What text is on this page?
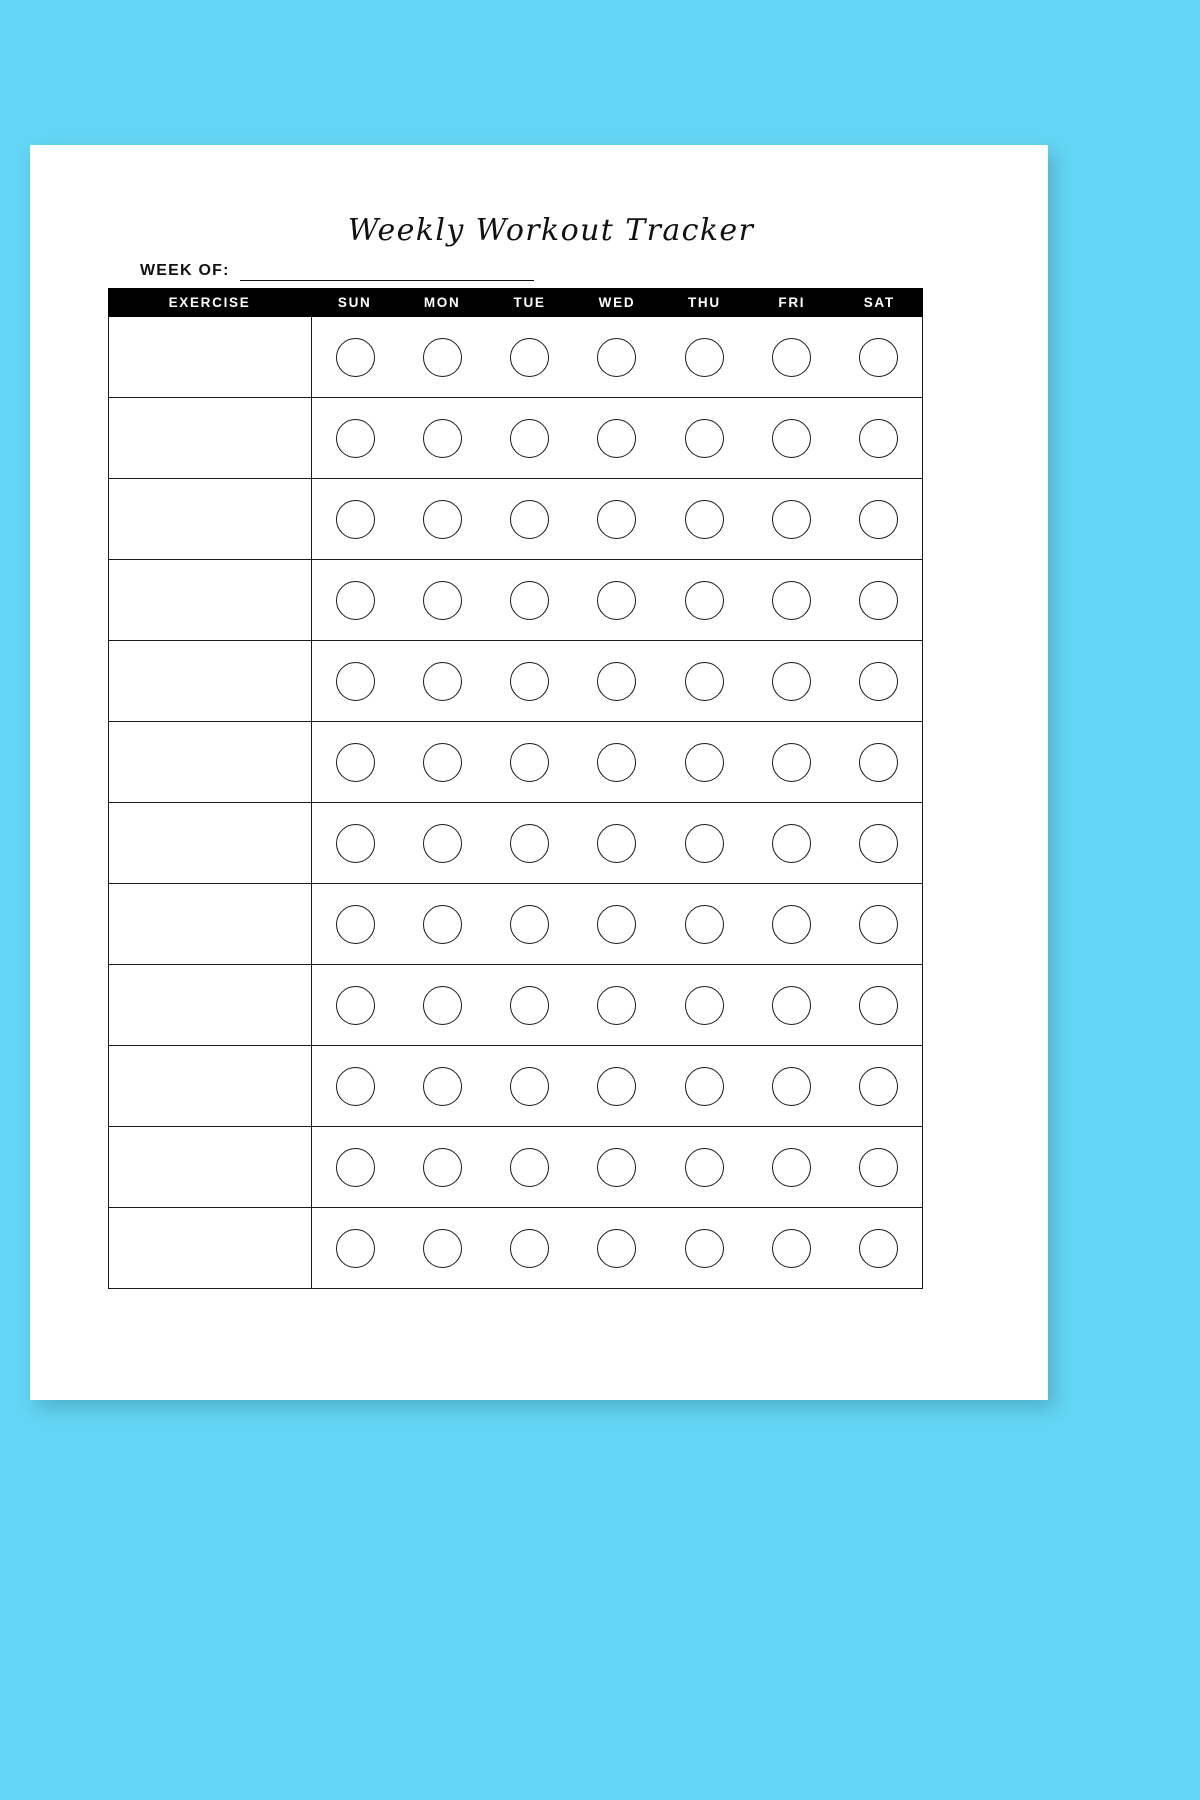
Weekly Workout Tracker
WEEK OF:
EXERCISE	SUN	MON	TUE	WED	THU	FRI	SAT
